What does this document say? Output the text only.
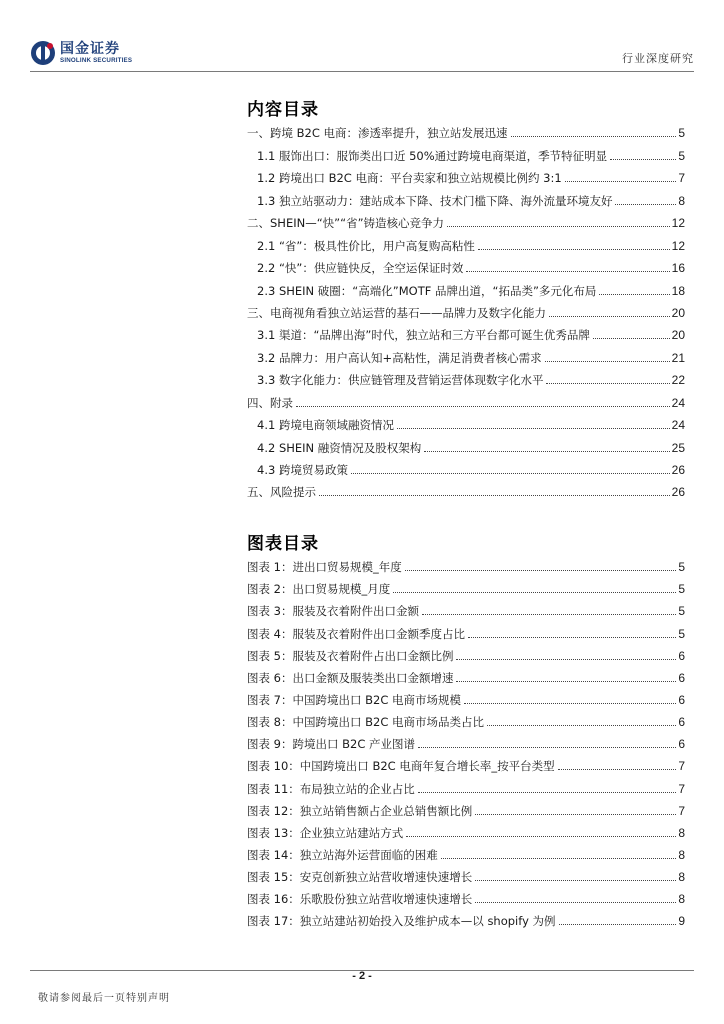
国金证券
SINOLINK SECURITIES	行业深度研究
内容目录
一、跨境 B2C 电商：渗透率提升，独立站发展迅速	5
1.1 服饰出口：服饰类出口近 50%通过跨境电商渠道，季节特征明显	5
1.2 跨境出口 B2C 电商：平台卖家和独立站规模比例约 3:1	7
1.3 独立站驱动力：建站成本下降、技术门槛下降、海外流量环境友好	8
二、SHEIN—“快”“省”铸造核心竞争力	12
2.1 “省”：极具性价比，用户高复购高粘性	12
2.2 “快”：供应链快反，全空运保证时效	16
2.3 SHEIN 破圈：“高端化”MOTF 品牌出道，“拓品类”多元化布局	18
三、电商视角看独立站运营的基石——品牌力及数字化能力	20
3.1 渠道：“品牌出海”时代，独立站和三方平台都可诞生优秀品牌	20
3.2 品牌力：用户高认知+高粘性，满足消费者核心需求	21
3.3 数字化能力：供应链管理及营销运营体现数字化水平	22
四、附录	24
4.1 跨境电商领域融资情况	24
4.2 SHEIN 融资情况及股权架构	25
4.3 跨境贸易政策	26
五、风险提示	26
图表目录
图表 1：进出口贸易规模_年度	5
图表 2：出口贸易规模_月度	5
图表 3：服装及衣着附件出口金额	5
图表 4：服装及衣着附件出口金额季度占比	5
图表 5：服装及衣着附件占出口金额比例	6
图表 6：出口金额及服装类出口金额增速	6
图表 7：中国跨境出口 B2C 电商市场规模	6
图表 8：中国跨境出口 B2C 电商市场品类占比	6
图表 9：跨境出口 B2C 产业图谱	6
图表 10：中国跨境出口 B2C 电商年复合增长率_按平台类型	7
图表 11：布局独立站的企业占比	7
图表 12：独立站销售额占企业总销售额比例	7
图表 13：企业独立站建站方式	8
图表 14：独立站海外运营面临的困难	8
图表 15：安克创新独立站营收增速快速增长	8
图表 16：乐歌股份独立站营收增速快速增长	8
图表 17：独立站建站初始投入及维护成本—以 shopify 为例	9
- 2 -
敬请参阅最后一页特别声明
